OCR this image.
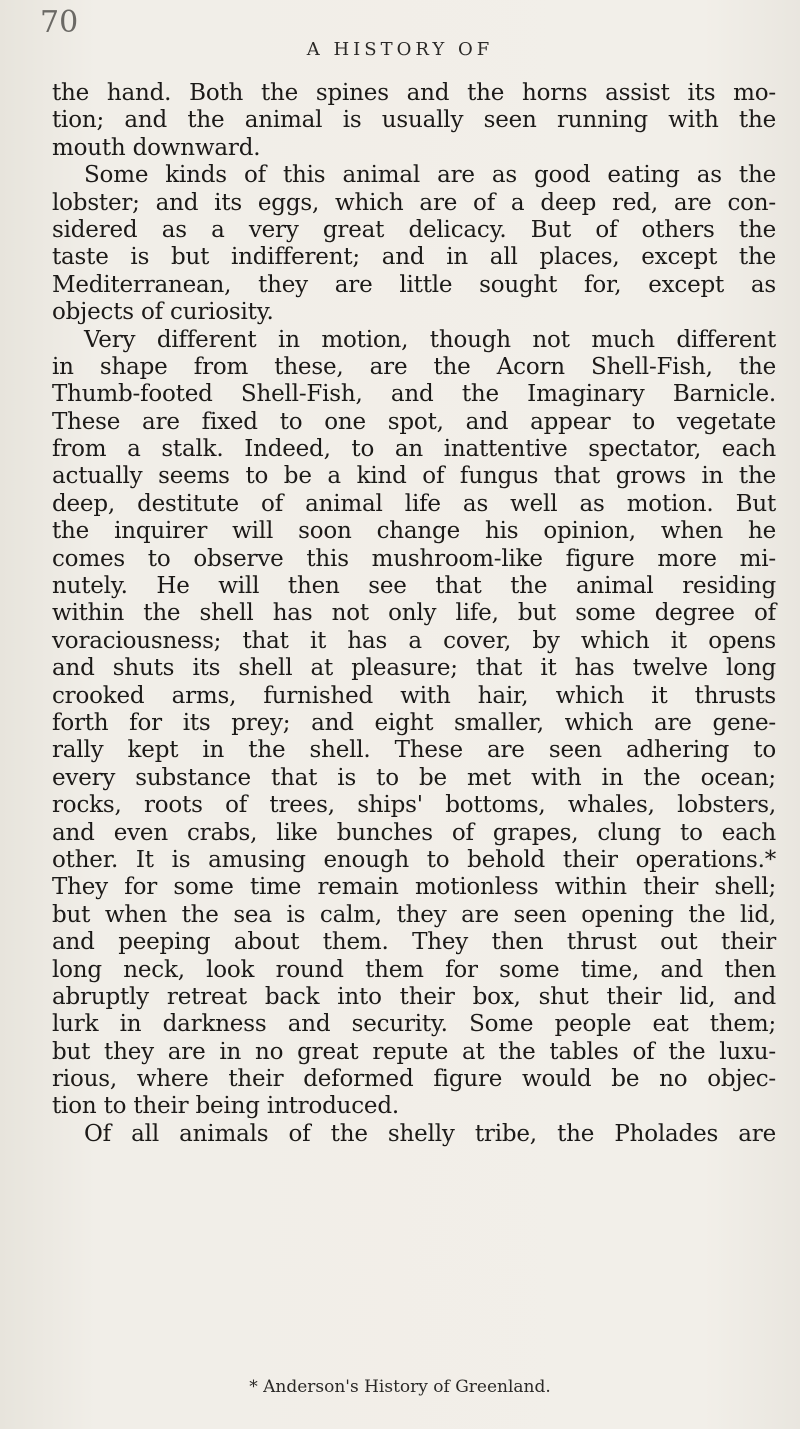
70
A HISTORY OF
the hand. Both the spines and the horns assist its mo-
tion; and the animal is usually seen running with the
mouth downward.
Some kinds of this animal are as good eating as the
lobster; and its eggs, which are of a deep red, are con-
sidered as a very great delicacy. But of others the
taste is but indifferent; and in all places, except the
Mediterranean, they are little sought for, except as
objects of curiosity.
Very different in motion, though not much different
in shape from these, are the Acorn Shell-Fish, the
Thumb-footed Shell-Fish, and the Imaginary Barnicle.
These are fixed to one spot, and appear to vegetate
from a stalk. Indeed, to an inattentive spectator, each
actually seems to be a kind of fungus that grows in the
deep, destitute of animal life as well as motion. But
the inquirer will soon change his opinion, when he
comes to observe this mushroom-like figure more mi-
nutely. He will then see that the animal residing
within the shell has not only life, but some degree of
voraciousness; that it has a cover, by which it opens
and shuts its shell at pleasure; that it has twelve long
crooked arms, furnished with hair, which it thrusts
forth for its prey; and eight smaller, which are gene-
rally kept in the shell. These are seen adhering to
every substance that is to be met with in the ocean;
rocks, roots of trees, ships' bottoms, whales, lobsters,
and even crabs, like bunches of grapes, clung to each
other. It is amusing enough to behold their operations.*
They for some time remain motionless within their shell;
but when the sea is calm, they are seen opening the lid,
and peeping about them. They then thrust out their
long neck, look round them for some time, and then
abruptly retreat back into their box, shut their lid, and
lurk in darkness and security. Some people eat them;
but they are in no great repute at the tables of the luxu-
rious, where their deformed figure would be no objec-
tion to their being introduced.
Of all animals of the shelly tribe, the Pholades are
* Anderson's History of Greenland.
